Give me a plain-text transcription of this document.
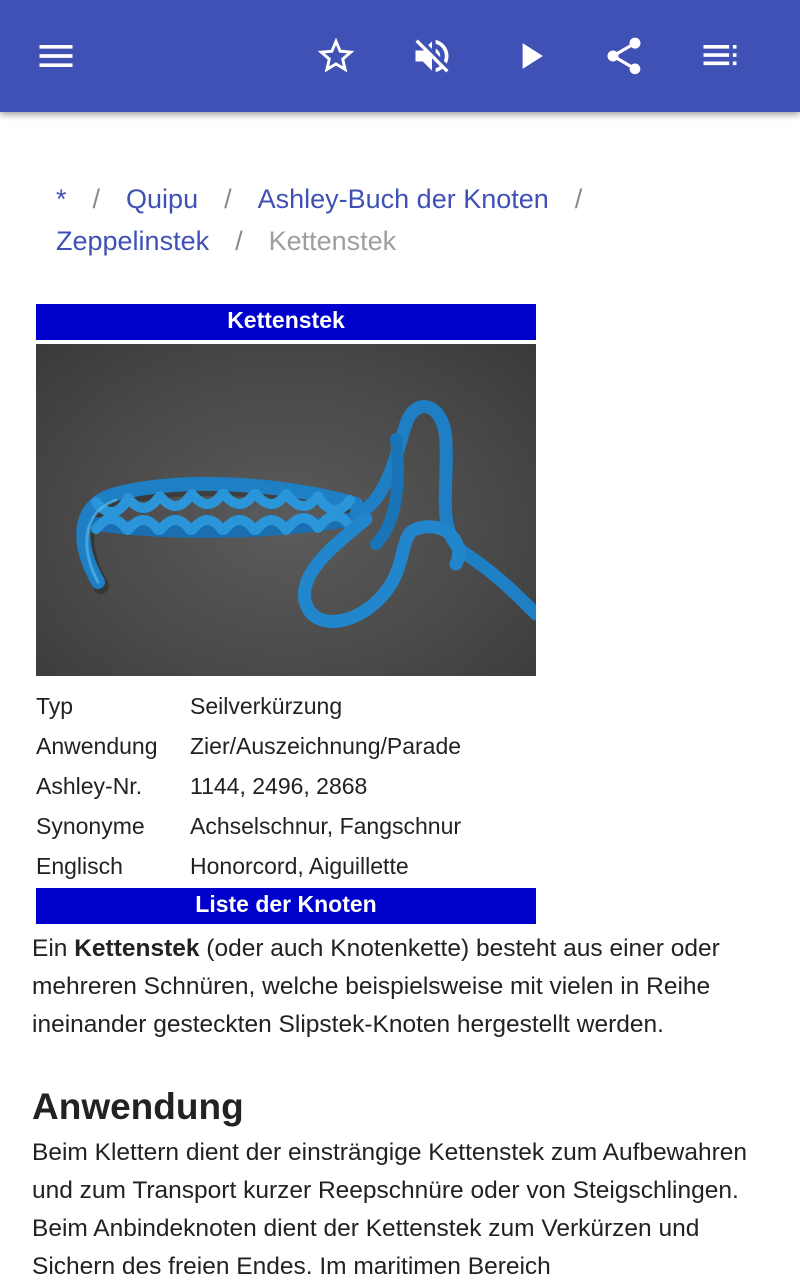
* / Quipu / Ashley-Buch der Knoten /
Zeppelinstek / Kettenstek
Kettenstek
Typ	Seilverkürzung
Anwendung	Zier/Auszeichnung/Parade
Ashley-Nr.	1144, 2496, 2868
Synonyme	Achselschnur, Fangschnur
Englisch	Honorcord, Aiguillette
Liste der Knoten

Ein Kettenstek (oder auch Knotenkette) besteht aus einer oder mehreren Schnüren, welche beispielsweise mit vielen in Reihe ineinander gesteckten Slipstek-Knoten hergestellt werden.

Anwendung

Beim Klettern dient der einsträngige Kettenstek zum Aufbewahren und zum Transport kurzer Reepschnüre oder von Steigschlingen. Beim Anbindeknoten dient der Kettenstek zum Verkürzen und Sichern des freien Endes. Im maritimen Bereich
